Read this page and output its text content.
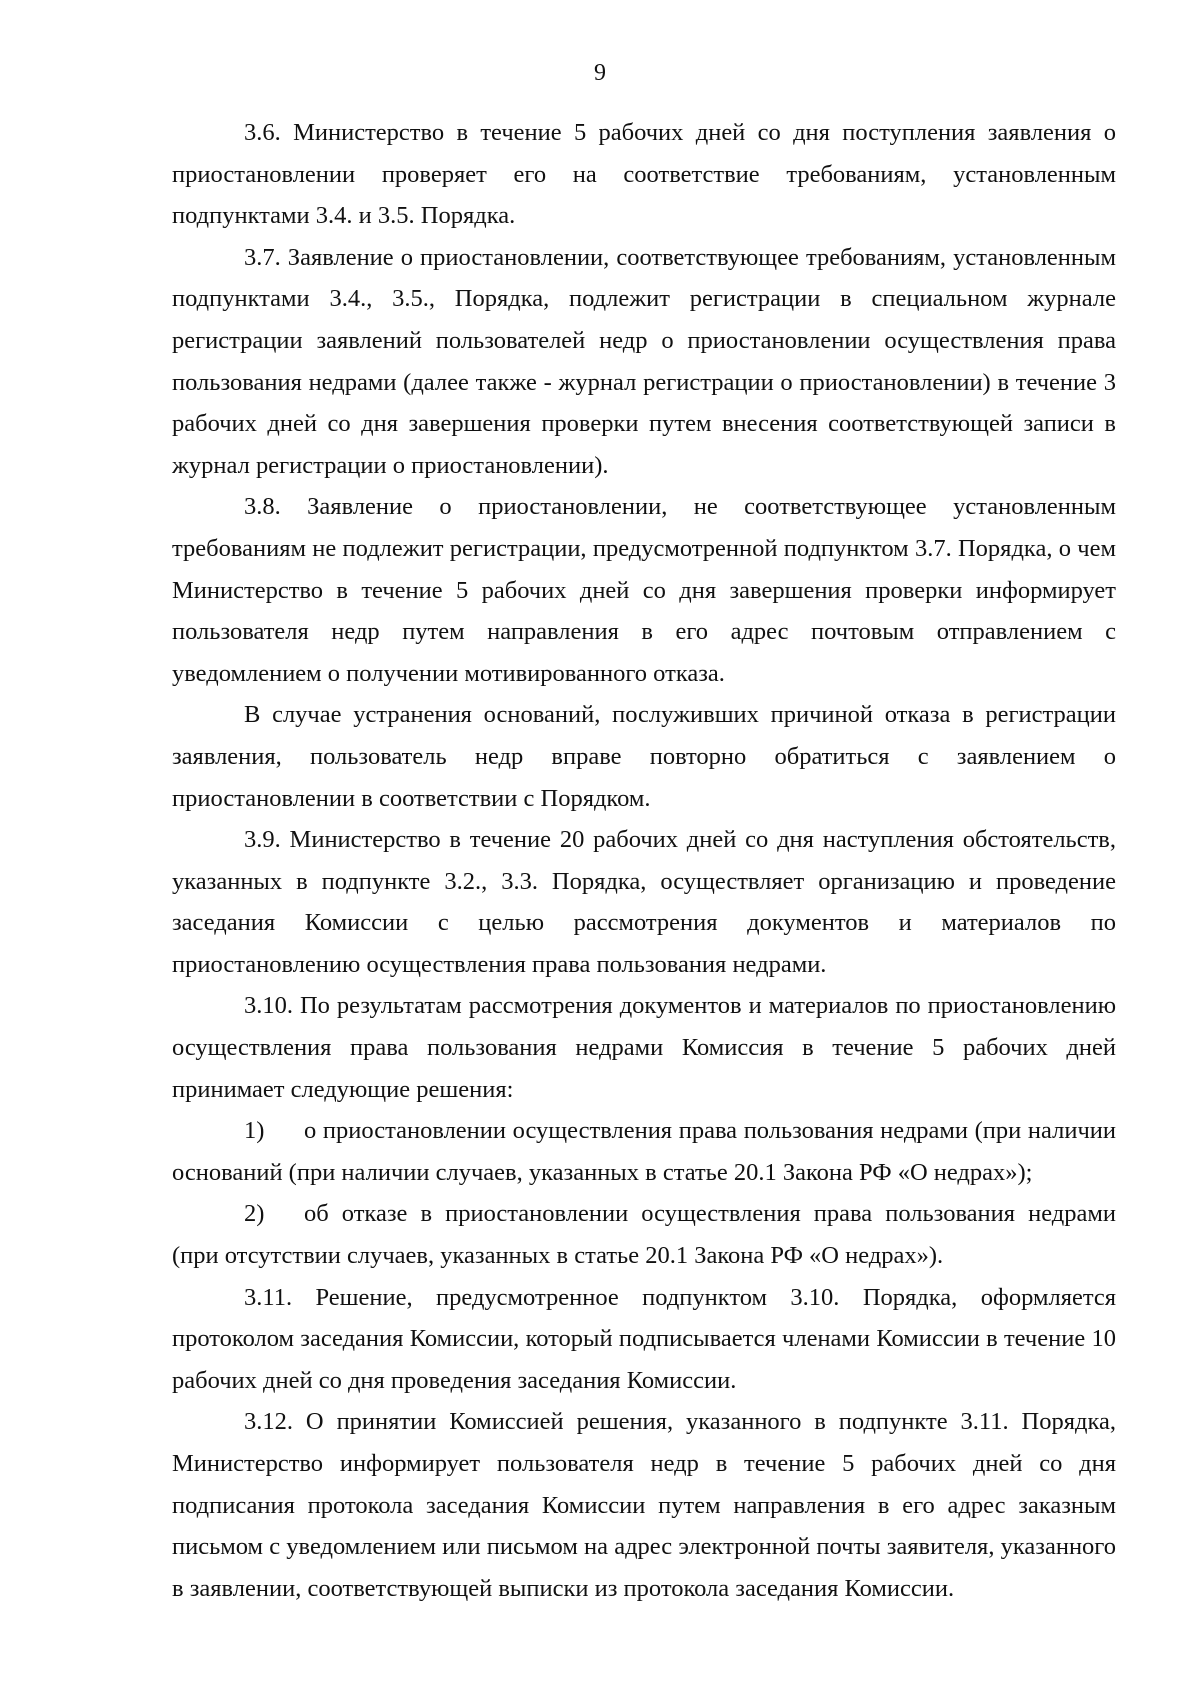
9

3.6. Министерство в течение 5 рабочих дней со дня поступления заявления о приостановлении проверяет его на соответствие требованиям, установленным подпунктами 3.4. и 3.5. Порядка.

3.7. Заявление о приостановлении, соответствующее требованиям, установленным подпунктами 3.4., 3.5., Порядка, подлежит регистрации в специальном журнале регистрации заявлений пользователей недр о приостановлении осуществления права пользования недрами (далее также - журнал регистрации о приостановлении) в течение 3 рабочих дней со дня завершения проверки путем внесения соответствующей записи в журнал регистрации о приостановлении).

3.8. Заявление о приостановлении, не соответствующее установленным требованиям не подлежит регистрации, предусмотренной подпунктом 3.7. Порядка, о чем Министерство в течение 5 рабочих дней со дня завершения проверки информирует пользователя недр путем направления в его адрес почтовым отправлением с уведомлением о получении мотивированного отказа.

В случае устранения оснований, послуживших причиной отказа в регистрации заявления, пользователь недр вправе повторно обратиться с заявлением о приостановлении в соответствии с Порядком.

3.9. Министерство в течение 20 рабочих дней со дня наступления обстоятельств, указанных в подпункте 3.2., 3.3. Порядка, осуществляет организацию и проведение заседания Комиссии с целью рассмотрения документов и материалов по приостановлению осуществления права пользования недрами.

3.10. По результатам рассмотрения документов и материалов по приостановлению осуществления права пользования недрами Комиссия в течение 5 рабочих дней принимает следующие решения:

1) о приостановлении осуществления права пользования недрами (при наличии оснований (при наличии случаев, указанных в статье 20.1 Закона РФ «О недрах»);

2) об отказе в приостановлении осуществления права пользования недрами (при отсутствии случаев, указанных в статье 20.1 Закона РФ «О недрах»).

3.11. Решение, предусмотренное подпунктом 3.10. Порядка, оформляется протоколом заседания Комиссии, который подписывается членами Комиссии в течение 10 рабочих дней со дня проведения заседания Комиссии.

3.12. О принятии Комиссией решения, указанного в подпункте 3.11. Порядка, Министерство информирует пользователя недр в течение 5 рабочих дней со дня подписания протокола заседания Комиссии путем направления в его адрес заказным письмом с уведомлением или письмом на адрес электронной почты заявителя, указанного в заявлении, соответствующей выписки из протокола заседания Комиссии.
